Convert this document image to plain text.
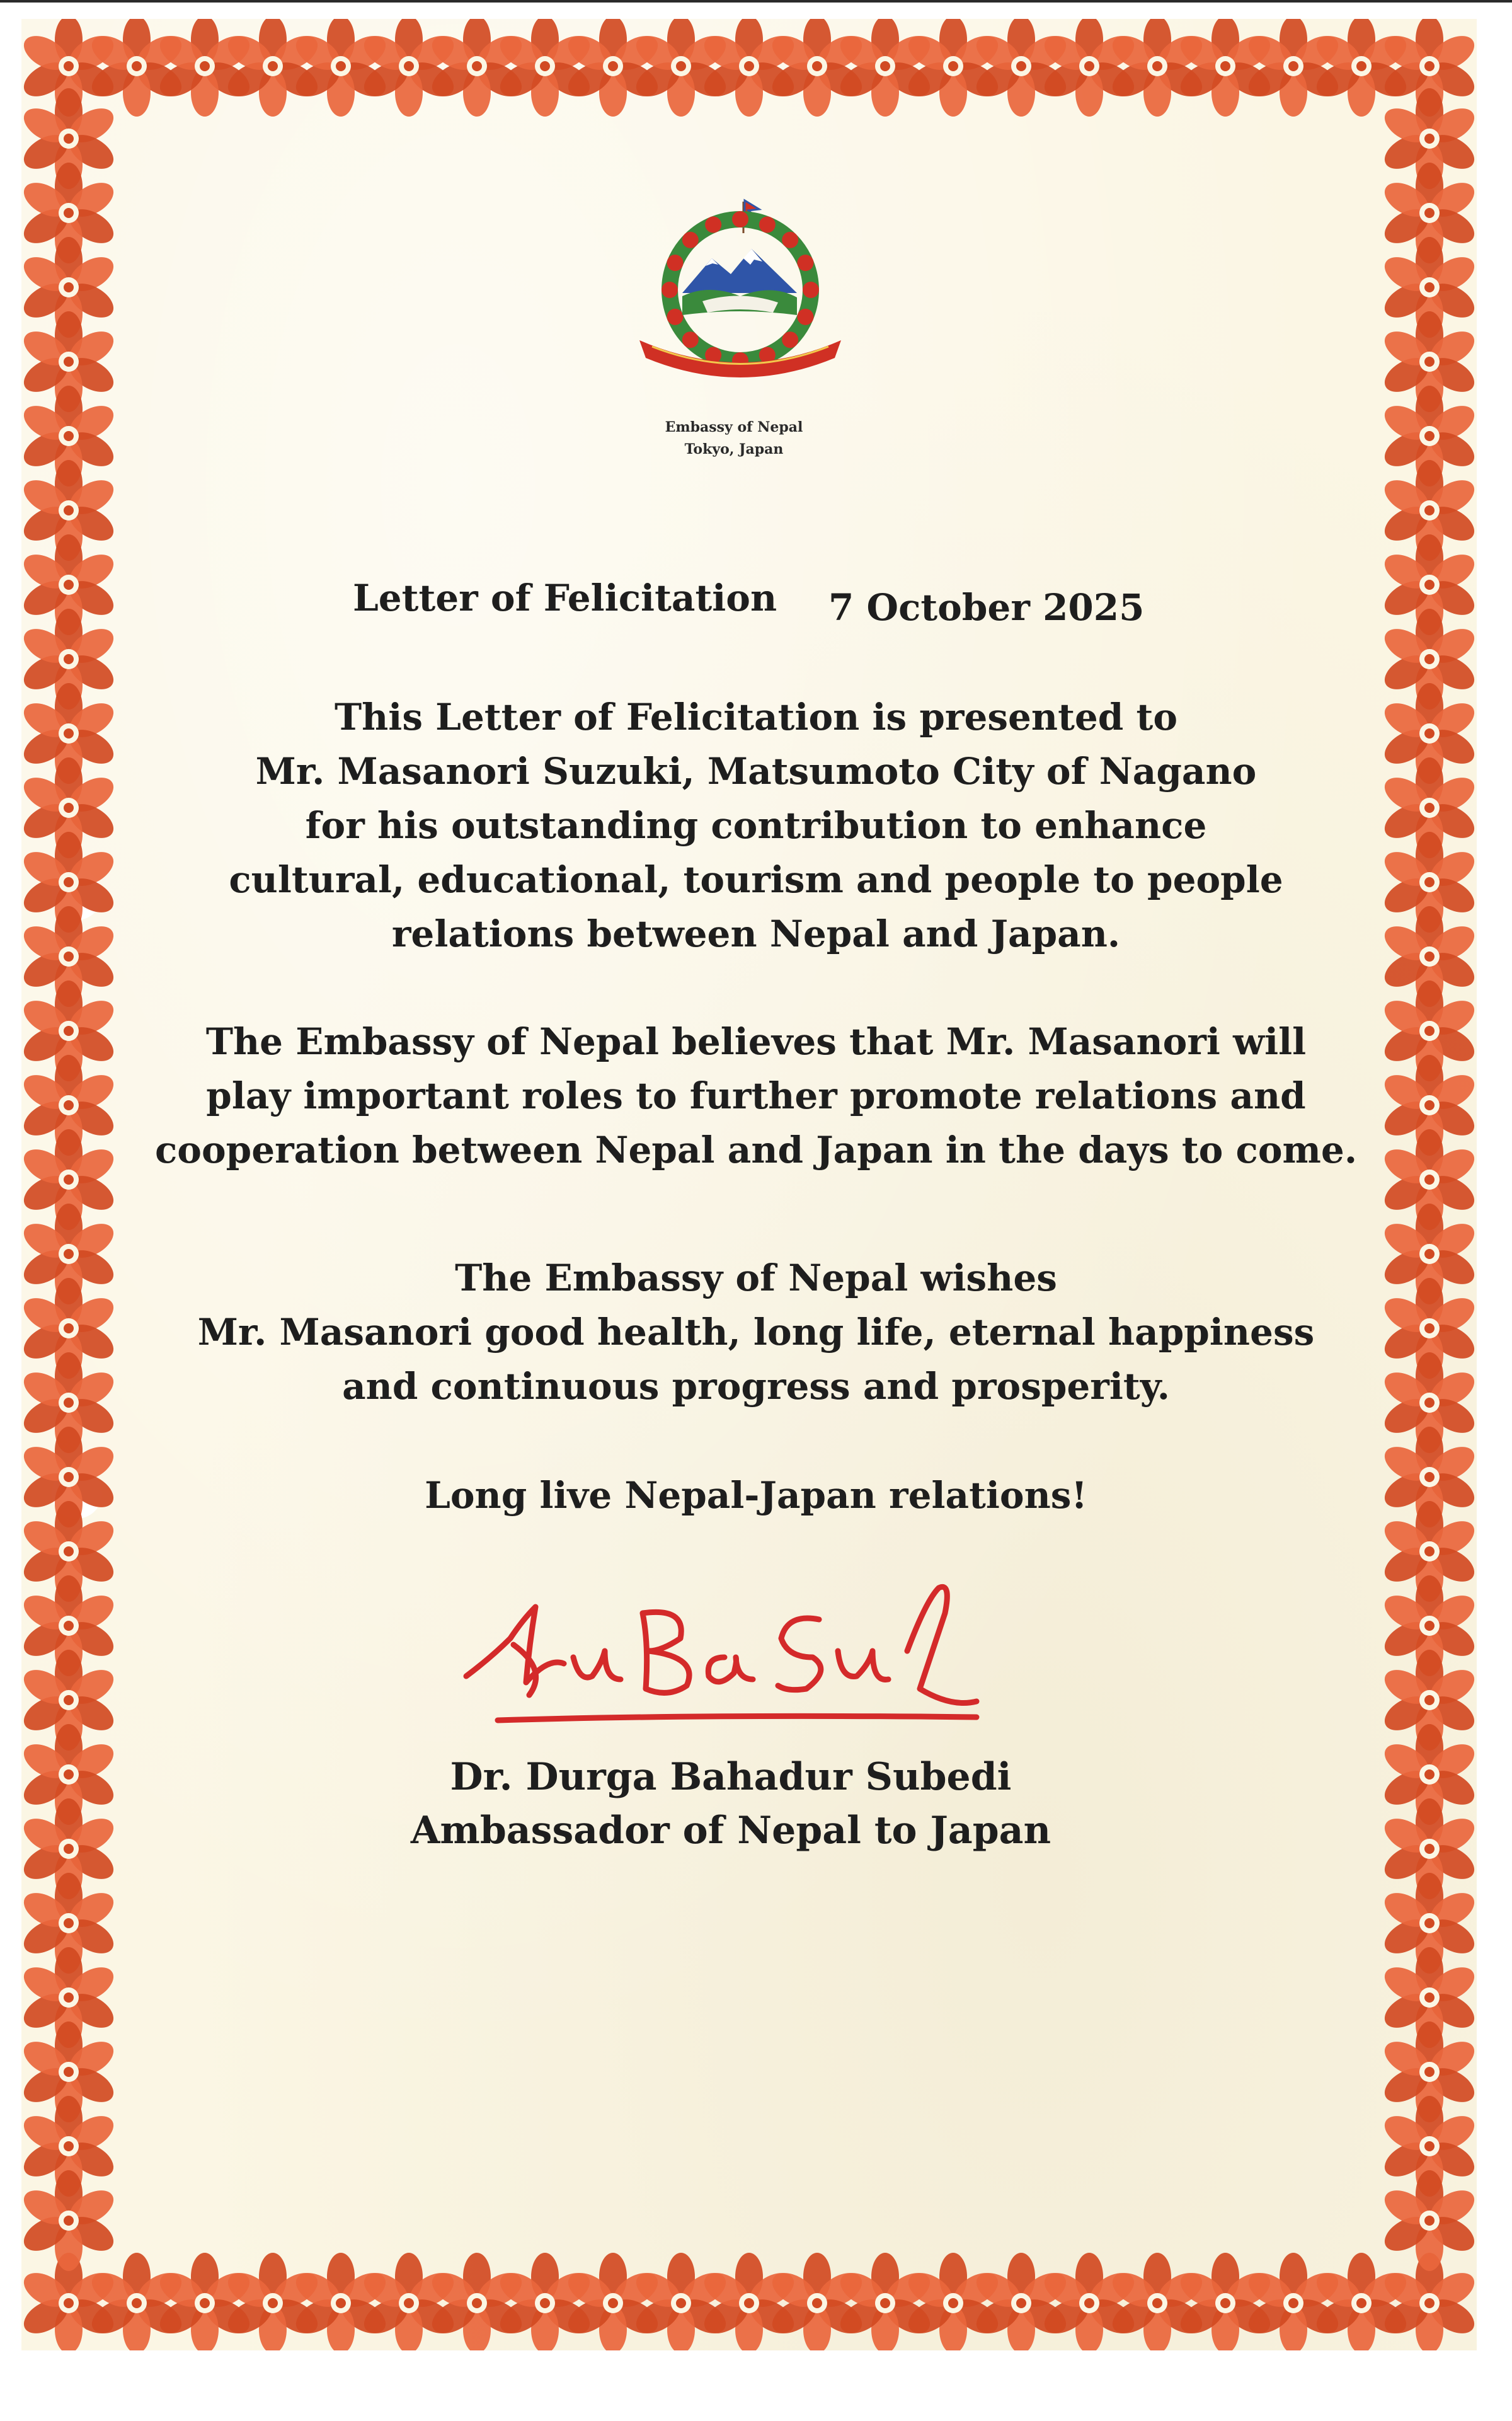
Embassy of Nepal
Tokyo, Japan
Letter of Felicitation 7 October 2025
This Letter of Felicitation is presented to
Mr. Masanori Suzuki, Matsumoto City of Nagano
for his outstanding contribution to enhance
cultural, educational, tourism and people to people
relations between Nepal and Japan.
The Embassy of Nepal believes that Mr. Masanori will
play important roles to further promote relations and
cooperation between Nepal and Japan in the days to come.
The Embassy of Nepal wishes
Mr. Masanori good health, long life, eternal happiness
and continuous progress and prosperity.
Long live Nepal-Japan relations!
Dr. Durga Bahadur Subedi
Ambassador of Nepal to Japan
